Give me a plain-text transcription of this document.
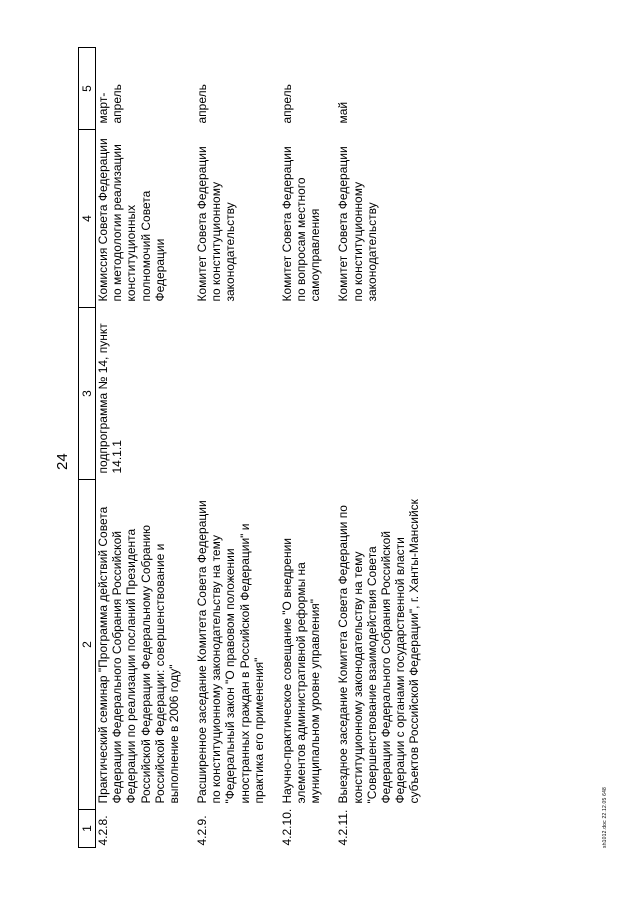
24
1	2	3	4	5
4.2.8.	Практический семинар "Программа действий Совета Федерации Федерального Собрания Российской Федерации по реализации посланий Президента Российской Федерации Федеральному Собранию Российской Федерации: совершенствование и выполнение в 2006 году"	подпрограмма № 14, пункт 14.1.1	Комиссия Совета Федерации по методологии реализации конституционных полномочий Совета Федерации	март-апрель
4.2.9.	Расширенное заседание Комитета Совета Федерации по конституционному законодательству на тему "Федеральный закон "О правовом положении иностранных граждан в Российской Федерации" и практика его применения"		Комитет Совета Федерации по конституционному законодательству	апрель
4.2.10.	Научно-практическое совещание "О внедрении элементов административной реформы на муниципальном уровне управления"		Комитет Совета Федерации по вопросам местного самоуправления	апрель
4.2.11.	Выездное заседание Комитета Совета Федерации по конституционному законодательству на тему "Совершенствование взаимодействия Совета Федерации Федерального Собрания Российской Федерации с органами государственной власти субъектов Российской Федерации", г. Ханты-Мансийск		Комитет Совета Федерации по конституционному законодательству	май
sh1012.doc 22.12.05 648
